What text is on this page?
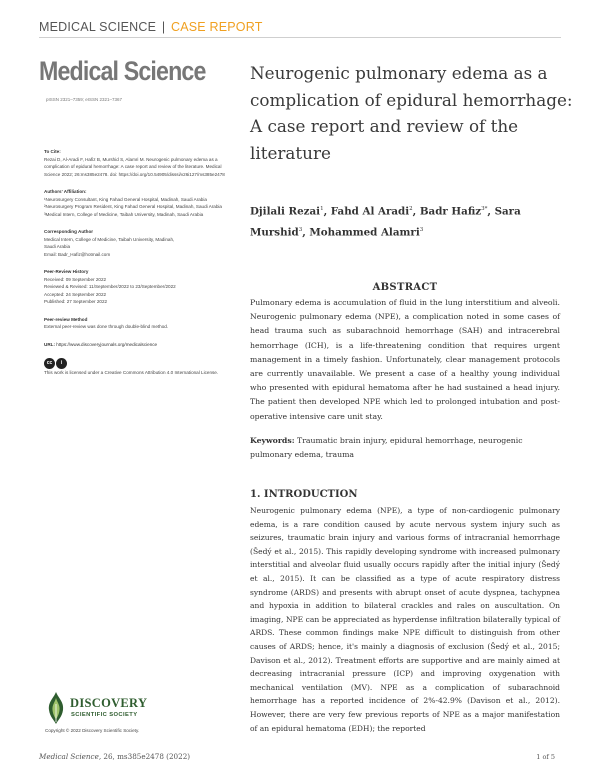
MEDICAL SCIENCE | CASE REPORT
Medical Science
pISSN 2321–7359; eISSN 2321–7367

To Cite:

Rezai D, Al-Aradi F, Hafiz B, Murshid S, Alamri M. Neurogenic pulmonary edema as a complication of epidural hemorrhage: A case report and review of the literature. Medical Science 2022; 26:ms385e2478. doi: https://doi.org/10.54905/disssi/v26i127/ms385e2478

Authors' Affiliation:

¹Neurosurgery Consultant, King Fahad General Hospital, Madinah, Saudi Arabia

²Neurosurgery Program Resident, King Fahad General Hospital, Madinah, Saudi Arabia

³Medical Intern, College of Medicine, Taibah University, Madinah, Saudi Arabia

Corresponding Author

Medical Intern, College of Medicine, Taibah University, Madinah,

Saudi Arabia

Email: Badr_Hafiz@hotmail.com

Peer-Review History

Received: 09 September 2022

Reviewed & Revised: 11/September/2022 to 23/September/2022

Accepted: 24 September 2022

Published: 27 September 2022

Peer-review Method

External peer-review was done through double-blind method.

URL: https://www.discoveryjournals.org/medicalscience

cc	i

This work is licensed under a Creative Commons Attribution 4.0 International License.

DISCOVERY
SCIENTIFIC SOCIETY
Copyright © 2022 Discovery Scientific Society.
Neurogenic pulmonary edema as a complication of epidural hemorrhage: A case report and review of the literature
Djilali Rezai$^1$, Fahd Al Aradi$^2$, Badr Hafiz$^{3*}$, Sara Murshid$^3$, Mohammed Alamri$^3$
ABSTRACT

Pulmonary edema is accumulation of fluid in the lung interstitium and alveoli. Neurogenic pulmonary edema (NPE), a complication noted in some cases of head trauma such as subarachnoid hemorrhage (SAH) and intracerebral hemorrhage (ICH), is a life-threatening condition that requires urgent management in a timely fashion. Unfortunately, clear management protocols are currently unavailable. We present a case of a healthy young individual who presented with epidural hematoma after he had sustained a head injury. The patient then developed NPE which led to prolonged intubation and post-operative intensive care unit stay.

Keywords: Traumatic brain injury, epidural hemorrhage, neurogenic pulmonary edema, trauma

1. INTRODUCTION

Neurogenic pulmonary edema (NPE), a type of non-cardiogenic pulmonary edema, is a rare condition caused by acute nervous system injury such as seizures, traumatic brain injury and various forms of intracranial hemorrhage (Šedý et al., 2015). This rapidly developing syndrome with increased pulmonary interstitial and alveolar fluid usually occurs rapidly after the initial injury (Šedý et al., 2015). It can be classified as a type of acute respiratory distress syndrome (ARDS) and presents with abrupt onset of acute dyspnea, tachypnea and hypoxia in addition to bilateral crackles and rales on auscultation. On imaging, NPE can be appreciated as hyperdense infiltration bilaterally typical of ARDS. These common findings make NPE difficult to distinguish from other causes of ARDS; hence, it's mainly a diagnosis of exclusion (Šedý et al., 2015; Davison et al., 2012). Treatment efforts are supportive and are mainly aimed at decreasing intracranial pressure (ICP) and improving oxygenation with mechanical ventilation (MV). NPE as a complication of subarachnoid hemorrhage has a reported incidence of 2%-42.9% (Davison et al., 2012). However, there are very few previous reports of NPE as a major manifestation of an epidural hematoma (EDH); the reported

Medical Science, 26, ms385e2478 (2022)	1 of 5
